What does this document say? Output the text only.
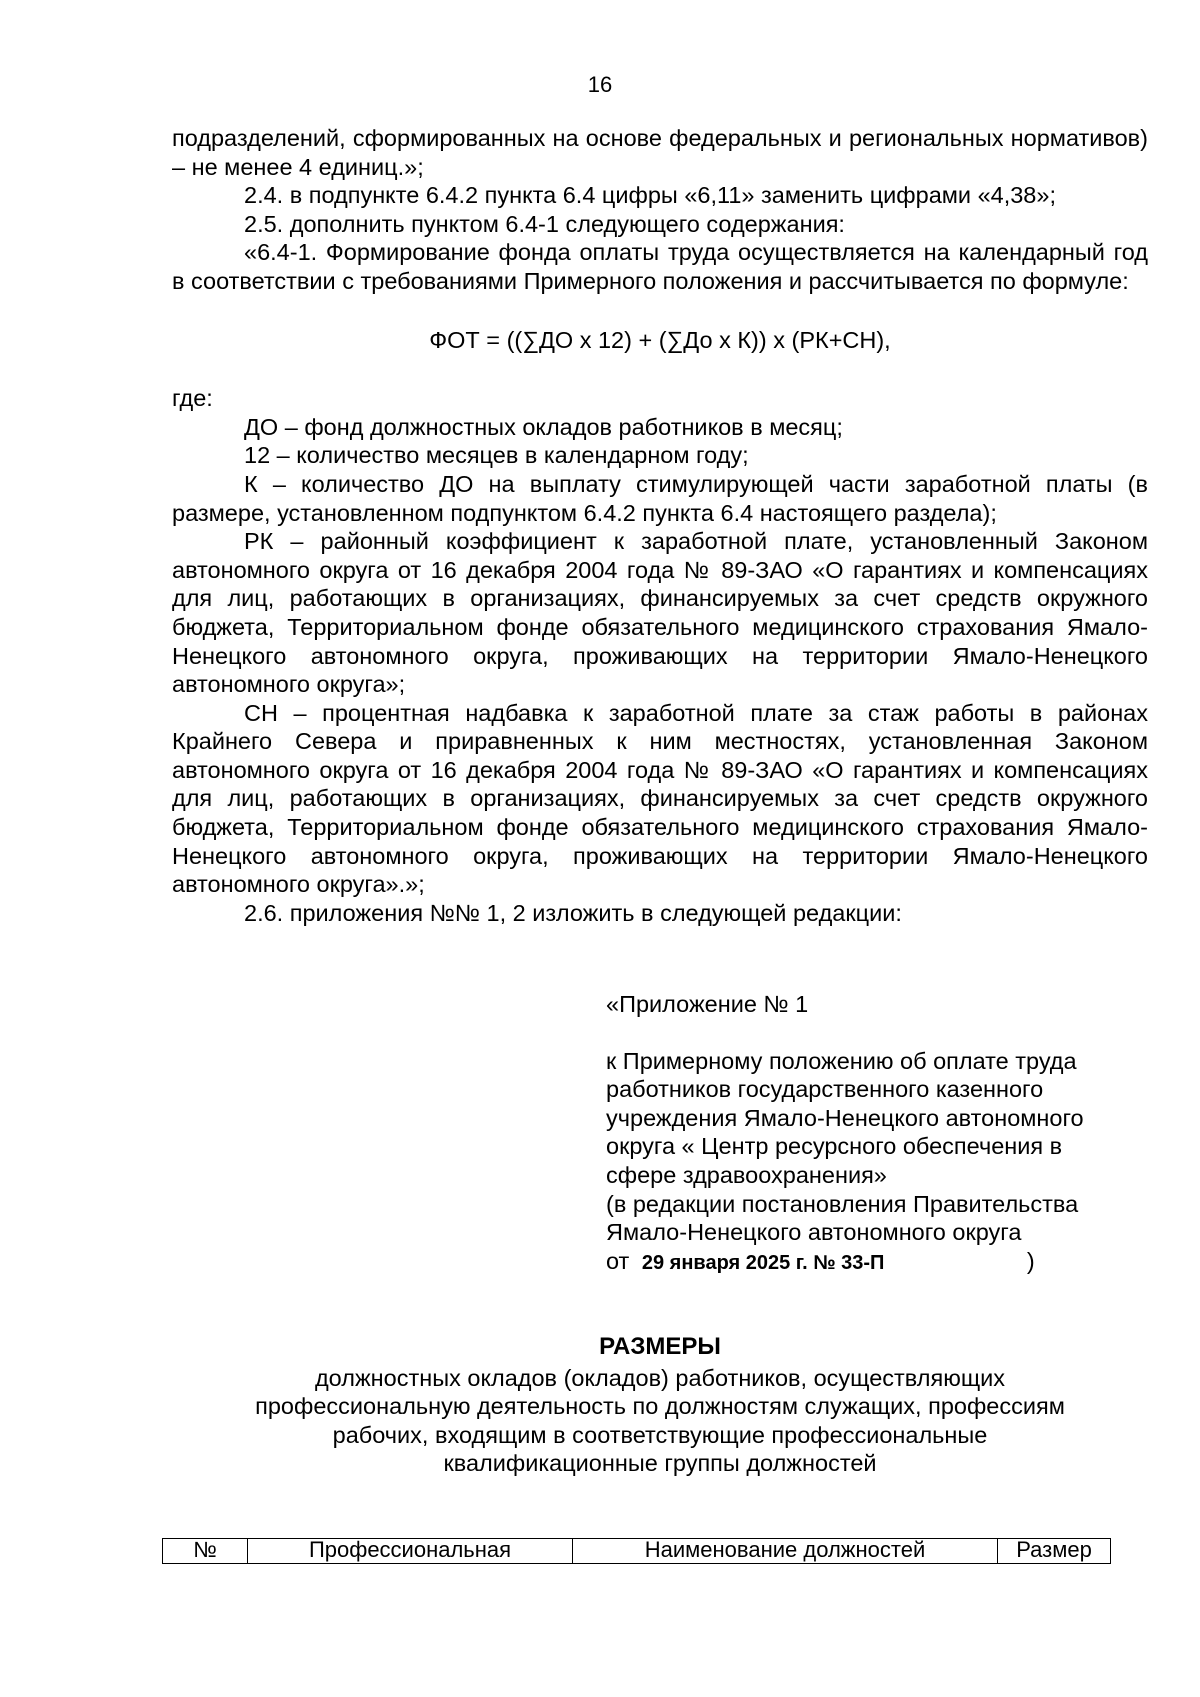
16

подразделений, сформированных на основе федеральных и региональных нормативов) – не менее 4 единиц.»;

2.4. в подпункте 6.4.2 пункта 6.4 цифры «6,11» заменить цифрами «4,38»;

2.5. дополнить пунктом 6.4-1 следующего содержания:

«6.4-1. Формирование фонда оплаты труда осуществляется на календарный год в соответствии с требованиями Примерного положения и рассчитывается по формуле:

ФОТ = ((∑ДО х 12) + (∑До х К)) х (РК+СН),

где:

ДО – фонд должностных окладов работников в месяц;

12 – количество месяцев в календарном году;

К – количество ДО на выплату стимулирующей части заработной платы (в размере, установленном подпунктом 6.4.2 пункта 6.4 настоящего раздела);

РК – районный коэффициент к заработной плате, установленный Законом автономного округа от 16 декабря 2004 года № 89-ЗАО «О гарантиях и компенсациях для лиц, работающих в организациях, финансируемых за счет средств окружного бюджета, Территориальном фонде обязательного медицинского страхования Ямало-Ненецкого автономного округа, проживающих на территории Ямало-Ненецкого автономного округа»;

СН – процентная надбавка к заработной плате за стаж работы в районах Крайнего Севера и приравненных к ним местностях, установленная Законом автономного округа от 16 декабря 2004 года № 89-ЗАО «О гарантиях и компенсациях для лиц, работающих в организациях, финансируемых за счет средств окружного бюджета, Территориальном фонде обязательного медицинского страхования Ямало-Ненецкого автономного округа, проживающих на территории Ямало-Ненецкого автономного округа».»;

2.6. приложения №№ 1, 2 изложить в следующей редакции:

«Приложение № 1

к Примерному положению об оплате труда

работников государственного казенного

учреждения Ямало-Ненецкого автономного

округа « Центр ресурсного обеспечения в

сфере здравоохранения»

(в редакции постановления Правительства

Ямало-Ненецкого автономного округа

от 29 января 2025 г. № 33-П	)

РАЗМЕРЫ

должностных окладов (окладов) работников, осуществляющих

профессиональную деятельность по должностям служащих, профессиям

рабочих, входящим в соответствующие профессиональные

квалификационные группы должностей

№	Профессиональная	Наименование должностей	Размер
